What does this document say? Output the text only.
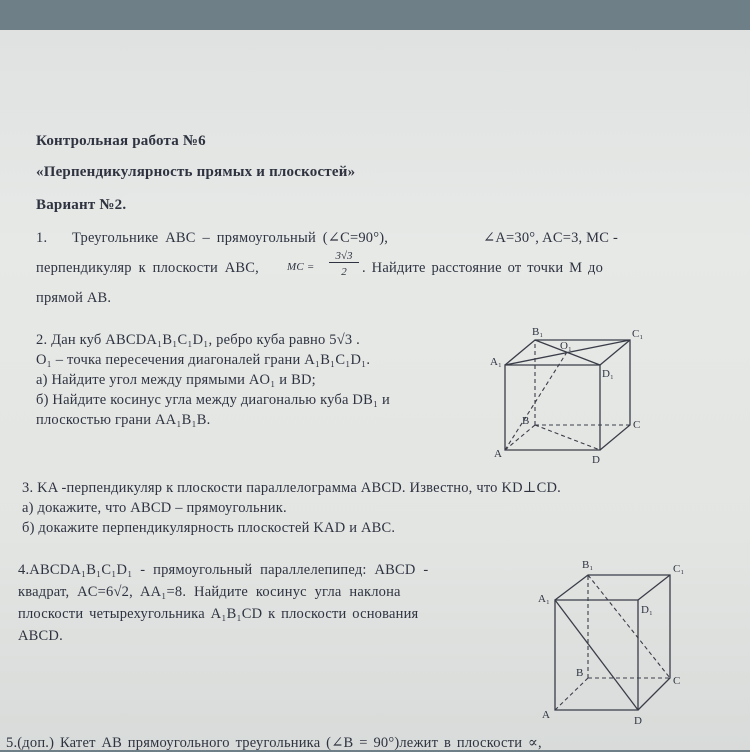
Контрольная работа №6
«Перпендикулярность прямых и плоскостей»
Вариант №2.
1. Треугольнике ABC – прямоугольный (∠C=90°),	∠A=30°, AC=3, MC -
перпендикуляр к плоскости ABC,	MC =
3√3
2	. Найдите расстояние от точки M до
прямой AB.
2. Дан куб ABCDA₁B₁C₁D₁, ребро куба равно 5√3 .
O₁ – точка пересечения диагоналей грани A₁B₁C₁D₁.
а) Найдите угол между прямыми AO₁ и BD;
б) Найдите косинус угла между диагональю куба DB₁ и
плоскостью грани AA₁B₁B.
B₁
O₁
C₁
A₁
D₁
B	C
A	D
3. KA -перпендикуляр к плоскости параллелограмма ABCD. Известно, что KD⊥CD.
а) докажите, что ABCD – прямоугольник.
б) докажите перпендикулярность плоскостей KAD и ABC.
4.ABCDA₁B₁C₁D₁ - прямоугольный параллелепипед: ABCD -
квадрат, AC=6√2, AA₁=8. Найдите косинус угла наклона
плоскости четырехугольника A₁B₁CD к плоскости основания
ABCD.
B₁	C₁
A₁
D₁
B
C
A	D
5.(доп.) Катет AB прямоугольного треугольника (∠B = 90°)лежит в плоскости ∝,
